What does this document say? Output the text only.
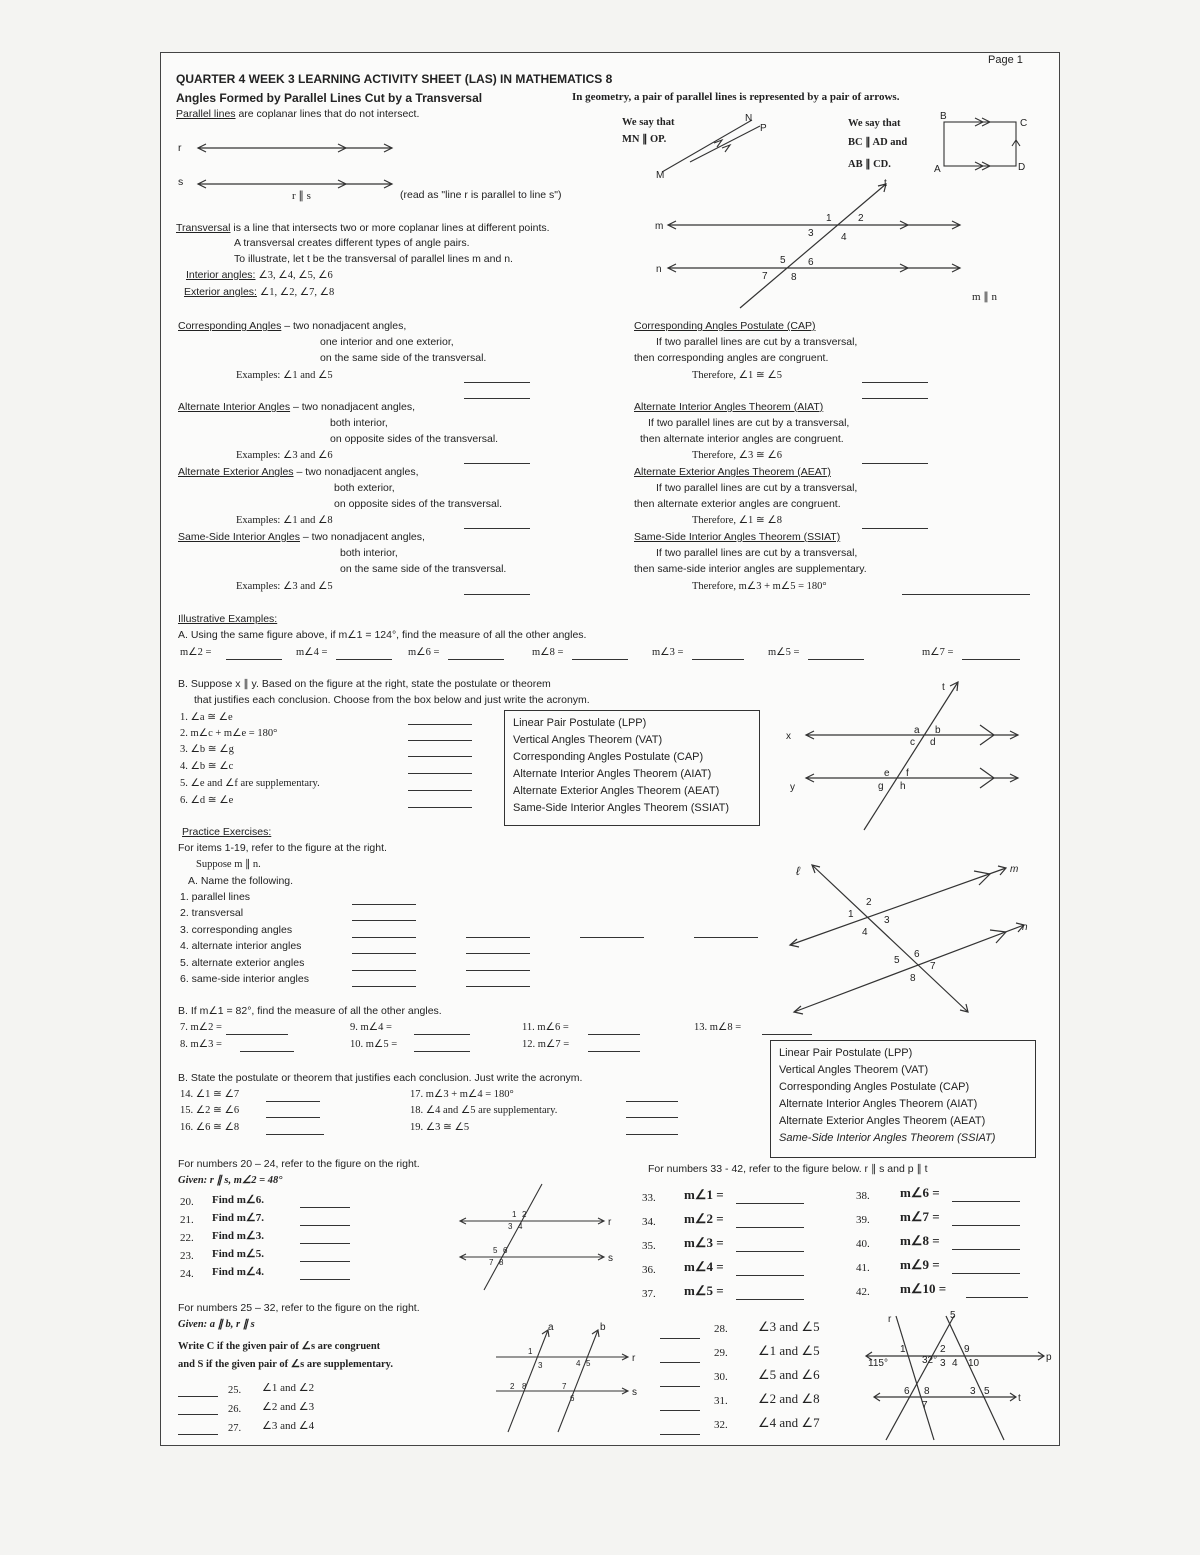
Page 1
QUARTER 4 WEEK 3 LEARNING ACTIVITY SHEET (LAS) IN MATHEMATICS 8
Angles Formed by Parallel Lines Cut by a Transversal	In geometry, a pair of parallel lines is represented by a pair of arrows.
Parallel lines are coplanar lines that do not intersect.
r
s
r ∥ s	(read as "line r is parallel to line s")
We say that
MN ∥ OP.
N
P
M
We say that
BC ∥ AD and
AB ∥ CD.
B
C
A	D
Transversal is a line that intersects two or more coplanar lines at different points.
A transversal creates different types of angle pairs.
To illustrate, let t be the transversal of parallel lines m and n.
Interior angles: ∠3, ∠4, ∠5, ∠6
Exterior angles: ∠1, ∠2, ∠7, ∠8
m
n
t
1	2
3	4
5 6
7 8
m ∥ n
Corresponding Angles – two nonadjacent angles,
one interior and one exterior,
on the same side of the transversal.
Examples: ∠1 and ∠5
Alternate Interior Angles – two nonadjacent angles,
both interior,
on opposite sides of the transversal.
Examples: ∠3 and ∠6
Alternate Exterior Angles – two nonadjacent angles,
both exterior,
on opposite sides of the transversal.
Examples: ∠1 and ∠8
Same-Side Interior Angles – two nonadjacent angles,
both interior,
on the same side of the transversal.
Examples: ∠3 and ∠5
Corresponding Angles Postulate (CAP)
If two parallel lines are cut by a transversal,
then corresponding angles are congruent.
Therefore, ∠1 ≅ ∠5
Alternate Interior Angles Theorem (AIAT)
If two parallel lines are cut by a transversal,
then alternate interior angles are congruent.
Therefore, ∠3 ≅ ∠6
Alternate Exterior Angles Theorem (AEAT)
If two parallel lines are cut by a transversal,
then alternate exterior angles are congruent.
Therefore, ∠1 ≅ ∠8
Same-Side Interior Angles Theorem (SSIAT)
If two parallel lines are cut by a transversal,
then same-side interior angles are supplementary.
Therefore, m∠3 + m∠5 = 180°
Illustrative Examples:
A. Using the same figure above, if m∠1 = 124°, find the measure of all the other angles.
m∠2 =	m∠4 =	m∠6 =	m∠8 =	m∠3 =	m∠5 =	m∠7 =
B. Suppose x ∥ y. Based on the figure at the right, state the postulate or theorem
that justifies each conclusion. Choose from the box below and just write the acronym.
1. ∠a ≅ ∠e
2. m∠c + m∠e = 180°
3. ∠b ≅ ∠g
4. ∠b ≅ ∠c
5. ∠e and ∠f are supplementary.
6. ∠d ≅ ∠e
Linear Pair Postulate (LPP)
Vertical Angles Theorem (VAT)
Corresponding Angles Postulate (CAP)
Alternate Interior Angles Theorem (AIAT)
Alternate Exterior Angles Theorem (AEAT)
Same-Side Interior Angles Theorem (SSIAT)
x
y
t
a b
c d
e f
g h
Practice Exercises:
For items 1-19, refer to the figure at the right.
Suppose m ∥ n.
A. Name the following.
1. parallel lines
2. transversal
3. corresponding angles
4. alternate interior angles
5. alternate exterior angles
6. same-side interior angles
ℓ	m
n
1
2
3
4
5
6
7
8
B. If m∠1 = 82°, find the measure of all the other angles.
7. m∠2 =
8. m∠3 =
9. m∠4 =
10. m∠5 =
11. m∠6 =
12. m∠7 =
13. m∠8 =
B. State the postulate or theorem that justifies each conclusion. Just write the acronym.
14. ∠1 ≅ ∠7
15. ∠2 ≅ ∠6
16. ∠6 ≅ ∠8
17. m∠3 + m∠4 = 180°
18. ∠4 and ∠5 are supplementary.
19. ∠3 ≅ ∠5
Linear Pair Postulate (LPP)
Vertical Angles Theorem (VAT)
Corresponding Angles Postulate (CAP)
Alternate Interior Angles Theorem (AIAT)
Alternate Exterior Angles Theorem (AEAT)
Same-Side Interior Angles Theorem (SSIAT)
For numbers 20 – 24, refer to the figure on the right.
Given: r ∥ s, m∠2 = 48°
20. Find m∠6.
21. Find m∠7.
22. Find m∠3.
23. Find m∠5.
24. Find m∠4.
r
s
1 2
3 4
5 6
7 8
For numbers 25 – 32, refer to the figure on the right.
Given: a ∥ b, r ∥ s
Write C if the given pair of ∠s are congruent
and S if the given pair of ∠s are supplementary.
25. ∠1 and ∠2
26. ∠2 and ∠3
27. ∠3 and ∠4
a	b
r
s
1
3	4 5
2 8	7
6
28. ∠3 and ∠5
29. ∠1 and ∠5
30. ∠5 and ∠6
31. ∠2 and ∠8
32. ∠4 and ∠7
For numbers 33 - 42, refer to the figure below. r ∥ s and p ∥ t
33. m∠1 =
34. m∠2 =
35. m∠3 =
36. m∠4 =
37. m∠5 =
38. m∠6 =
39. m∠7 =
40. m∠8 =
41. m∠9 =
42. m∠10 =
r	5
p
t
1	2 9
4 10
3
6 8	3 5
7
115°	32°
